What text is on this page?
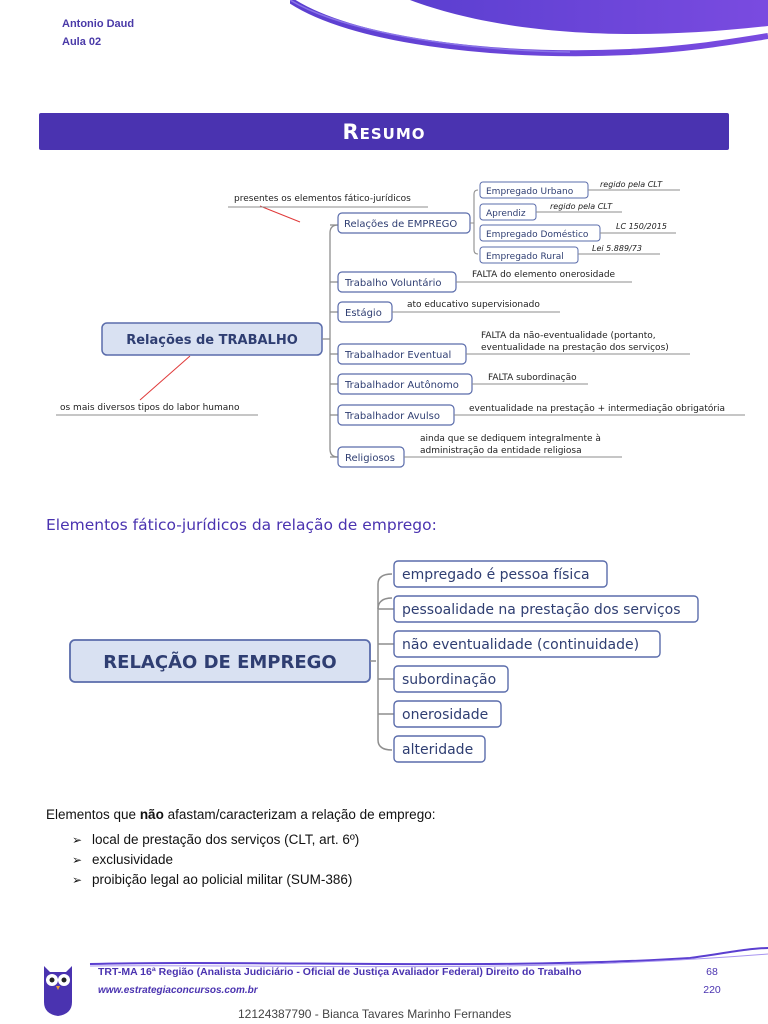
Antonio Daud
Aula 02
Resumo
Relações de TRABALHO
os mais diversos tipos do labor humano
presentes os elementos fático-jurídicos
Relações de EMPREGO
Trabalho Voluntário
FALTA do elemento onerosidade
Estágio
ato educativo supervisionado
Trabalhador Eventual
FALTA da não-eventualidade (portanto,
eventualidade na prestação dos serviços)
Trabalhador Autônomo
FALTA subordinação
Trabalhador Avulso
eventualidade na prestação + intermediação obrigatória
Religiosos
ainda que se dediquem integralmente à
administração da entidade religiosa
Empregado Urbano
regido pela CLT
Aprendiz
regido pela CLT
Empregado Doméstico
LC 150/2015
Empregado Rural
Lei 5.889/73
Elementos fático-jurídicos da relação de emprego:
RELAÇÃO DE EMPREGO
empregado é pessoa física
pessoalidade na prestação dos serviços
não eventualidade (continuidade)
subordinação
onerosidade
alteridade
Elementos que não afastam/caracterizam a relação de emprego:
➢ local de prestação dos serviços (CLT, art. 6º)
➢ exclusividade
➢ proibição legal ao policial militar (SUM-386)
TRT-MA 16ª Região (Analista Judiciário - Oficial de Justiça Avaliador Federal) Direito do Trabalho
www.estrategiaconcursos.com.br
68
220
12124387790 - Bianca Tavares Marinho Fernandes
